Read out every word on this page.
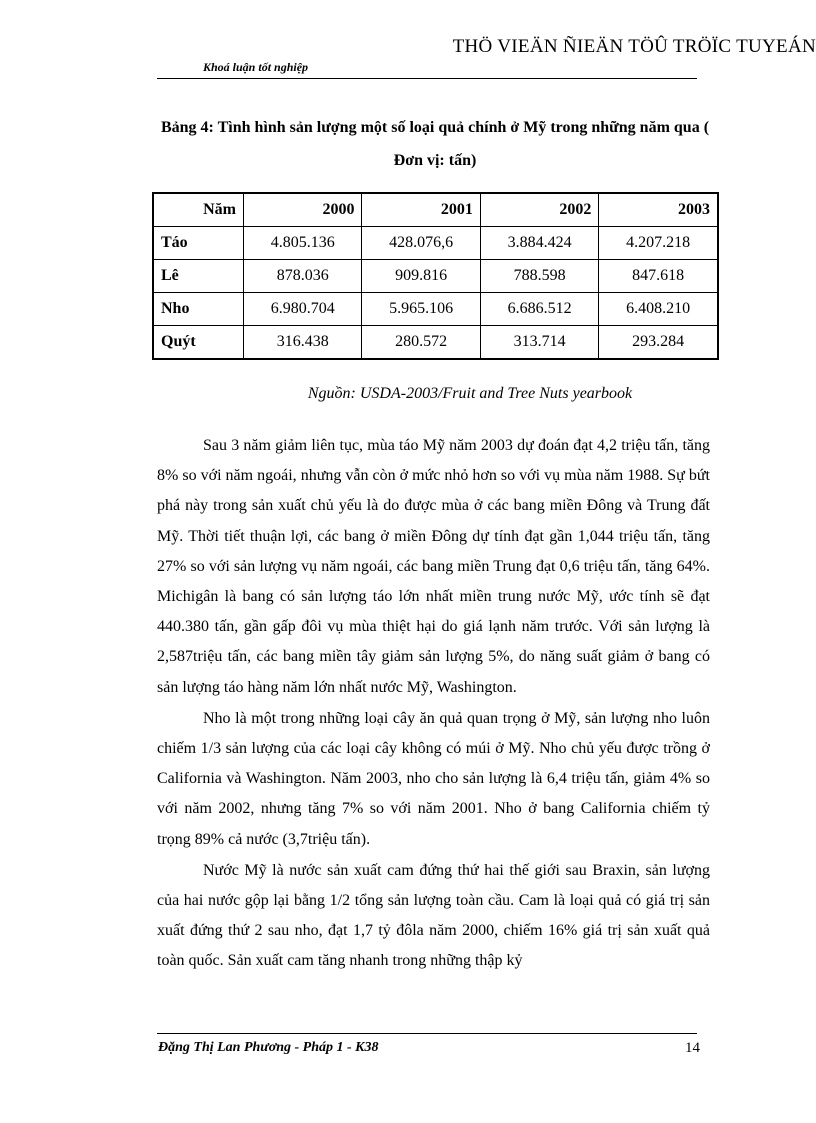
THÖ VIEÄN ÑIEÄN TÖÛ TRÖÏC TUYEÁN
Khoá luận tốt nghiệp
Bảng 4: Tình hình sản lượng một số loại quả chính ở Mỹ trong những năm qua ( Đơn vị: tấn)
Năm	2000	2001	2002	2003
Táo	4.805.136	428.076,6	3.884.424	4.207.218
Lê	878.036	909.816	788.598	847.618
Nho	6.980.704	5.965.106	6.686.512	6.408.210
Quýt	316.438	280.572	313.714	293.284
Nguồn: USDA-2003/Fruit and Tree Nuts yearbook

Sau 3 năm giảm liên tục, mùa táo Mỹ năm 2003 dự đoán đạt 4,2 triệu tấn, tăng 8% so với năm ngoái, nhưng vẫn còn ở mức nhỏ hơn so với vụ mùa năm 1988. Sự bứt phá này trong sản xuất chủ yếu là do được mùa ở các bang miền Đông và Trung đất Mỹ. Thời tiết thuận lợi, các bang ở miền Đông dự tính đạt gần 1,044 triệu tấn, tăng 27% so với sản lượng vụ năm ngoái, các bang miền Trung đạt 0,6 triệu tấn, tăng 64%. Michigân là bang có sản lượng táo lớn nhất miền trung nước Mỹ, ước tính sẽ đạt 440.380 tấn, gần gấp đôi vụ mùa thiệt hại do giá lạnh năm trước. Với sản lượng là 2,587triệu tấn, các bang miền tây giảm sản lượng 5%, do năng suất giảm ở bang có sản lượng táo hàng năm lớn nhất nước Mỹ, Washington.

Nho là một trong những loại cây ăn quả quan trọng ở Mỹ, sản lượng nho luôn chiếm 1/3 sản lượng của các loại cây không có múi ở Mỹ. Nho chủ yếu được trồng ở California và Washington. Năm 2003, nho cho sản lượng là 6,4 triệu tấn, giảm 4% so với năm 2002, nhưng tăng 7% so với năm 2001. Nho ở bang California chiếm tỷ trọng 89% cả nước (3,7triệu tấn).

Nước Mỹ là nước sản xuất cam đứng thứ hai thế giới sau Braxin, sản lượng của hai nước gộp lại bằng 1/2 tổng sản lượng toàn cầu. Cam là loại quả có giá trị sản xuất đứng thứ 2 sau nho, đạt 1,7 tỷ đôla năm 2000, chiếm 16% giá trị sản xuất quả toàn quốc. Sản xuất cam tăng nhanh trong những thập kỷ

Đặng Thị Lan Phương - Pháp 1 - K38	14
